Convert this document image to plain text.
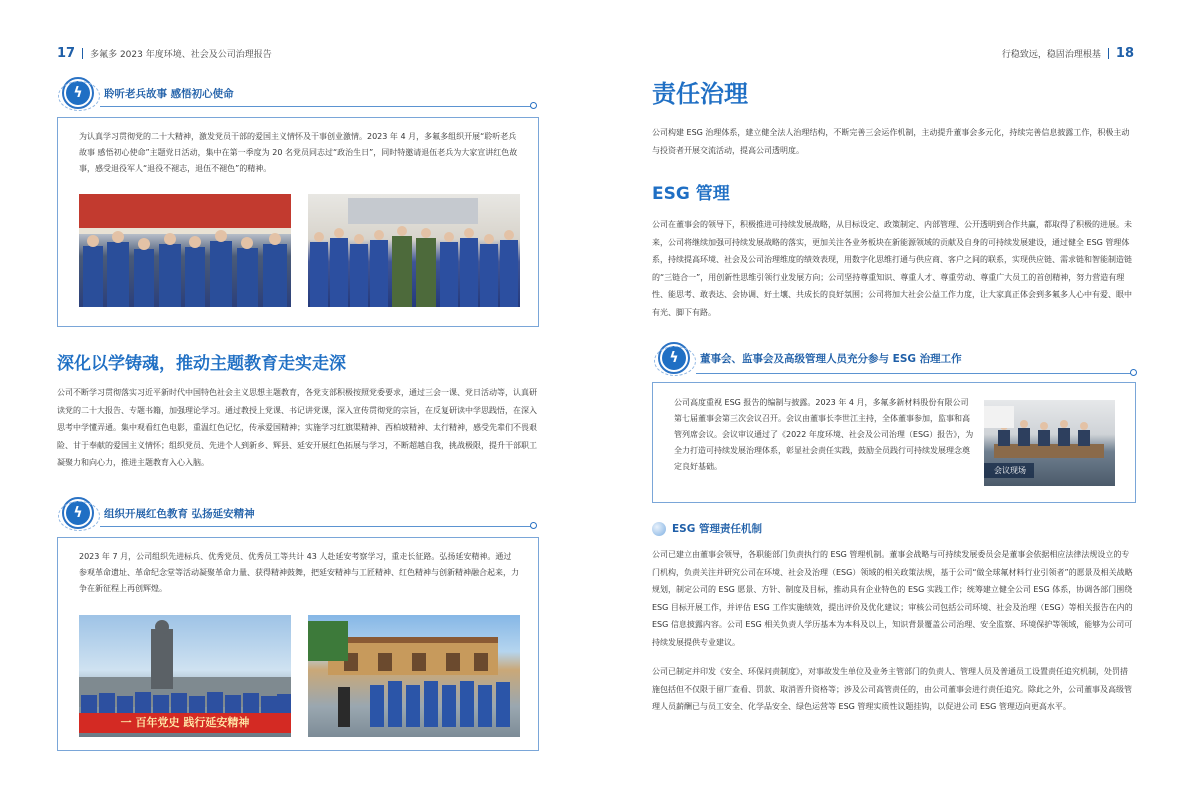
17 多氟多 2023 年度环境、社会及公司治理报告
ϟ	聆听老兵故事 感悟初心使命

为认真学习贯彻党的二十大精神，激发党员干部的爱国主义情怀及干事创业激情。2023 年 4 月，多氟多组织开展“聆听老兵故事 感悟初心使命”主题党日活动，集中在第一季度为 20 名党员同志过“政治生日”，同时特邀请退伍老兵为大家宣讲红色故事，感受退役军人“退役不褪志，退伍不褪色”的精神。

深化以学铸魂，推动主题教育走实走深
公司不断学习贯彻落实习近平新时代中国特色社会主义思想主题教育，各党支部积极按照党委要求，通过三会一课、党日活动等，认真研读党的二十大报告、专题书籍，加强理论学习。通过教授上党课、书记讲党课，深入宣传贯彻党的宗旨，在反复研读中学思践悟，在深入思考中学懂弄通。集中观看红色电影，重温红色记忆，传承爱国精神；实施学习红旗渠精神、西柏坡精神、太行精神，感受先辈们不畏艰险、甘于奉献的爱国主义情怀；组织党员、先进个人到新乡、辉县、延安开展红色拓展与学习，不断超越自我，挑战极限，提升干部职工凝聚力和向心力，推进主题教育入心入脑。
ϟ	组织开展红色教育 弘扬延安精神

2023 年 7 月，公司组织先进标兵、优秀党员、优秀员工等共计 43 人赴延安考察学习，重走长征路。弘扬延安精神。通过参观革命遗址、革命纪念堂等活动凝聚革命力量、获得精神鼓舞，把延安精神与工匠精神、红色精神与创新精神融合起来，力争在新征程上再创辉煌。

一 百年党史 践行延安精神
行稳致远，稳固治理根基 18
责任治理
公司构建 ESG 治理体系，建立健全法人治理结构，不断完善三会运作机制，主动提升董事会多元化，持续完善信息披露工作，积极主动与投资者开展交流活动，提高公司透明度。
ESG 管理
公司在董事会的领导下，积极推进可持续发展战略，从目标设定、政策制定、内部管理、公开透明到合作共赢，都取得了积极的进展。未来，公司将继续加强可持续发展战略的落实，更加关注各业务板块在新能源领域的贡献及自身的可持续发展建设，通过健全 ESG 管理体系，持续提高环境、社会及公司治理维度的绩效表现，用数字化思维打通与供应商、客户之间的联系，实现供应链、需求链和智能制造链的“三链合一”，用创新性思维引领行业发展方向；公司坚持尊重知识、尊重人才、尊重劳动、尊重广大员工的首创精神，努力营造有理性、能思考、敢表达、会协调、好土壤、共成长的良好氛围；公司将加大社会公益工作力度，让大家真正体会到多氟多人心中有爱、眼中有光、脚下有路。
ϟ	董事会、监事会及高级管理人员充分参与 ESG 治理工作

公司高度重视 ESG 报告的编制与披露。2023 年 4 月，多氟多新材料股份有限公司第七届董事会第三次会议召开。会议由董事长李世江主持，全体董事参加，监事和高管列席会议。会议审议通过了《2022 年度环境、社会及公司治理（ESG）报告》，为全力打造可持续发展治理体系，彰显社会责任实践，鼓励全员践行可持续发展理念奠定良好基础。	会议现场
ESG 管理责任机制
公司已建立由董事会领导，各职能部门负责执行的 ESG 管理机制。董事会战略与可持续发展委员会是董事会依据相应法律法规设立的专门机构，负责关注并研究公司在环境、社会及治理（ESG）领域的相关政策法规，基于公司“做全球氟材料行业引领者”的愿景及相关战略规划，制定公司的 ESG 愿景、方针、制度及目标，推动具有企业特色的 ESG 实践工作；统筹建立健全公司 ESG 体系，协调各部门围绕 ESG 目标开展工作，并评估 ESG 工作实施绩效，提出评价及优化建议；审核公司包括公司环境、社会及治理（ESG）等相关报告在内的 ESG 信息披露内容。公司 ESG 相关负责人学历基本为本科及以上，知识背景覆盖公司治理、安全监察、环境保护等领域，能够为公司可持续发展提供专业建议。
公司已制定并印发《安全、环保问责制度》，对事故发生单位及业务主管部门的负责人、管理人员及普通员工设置责任追究机制，处罚措施包括但不仅限于留厂查看、罚款、取消晋升资格等；涉及公司高管责任的，由公司董事会进行责任追究。除此之外，公司董事及高级管理人员薪酬已与员工安全、化学品安全、绿色运营等 ESG 管理实质性议题挂钩，以促进公司 ESG 管理迈向更高水平。
